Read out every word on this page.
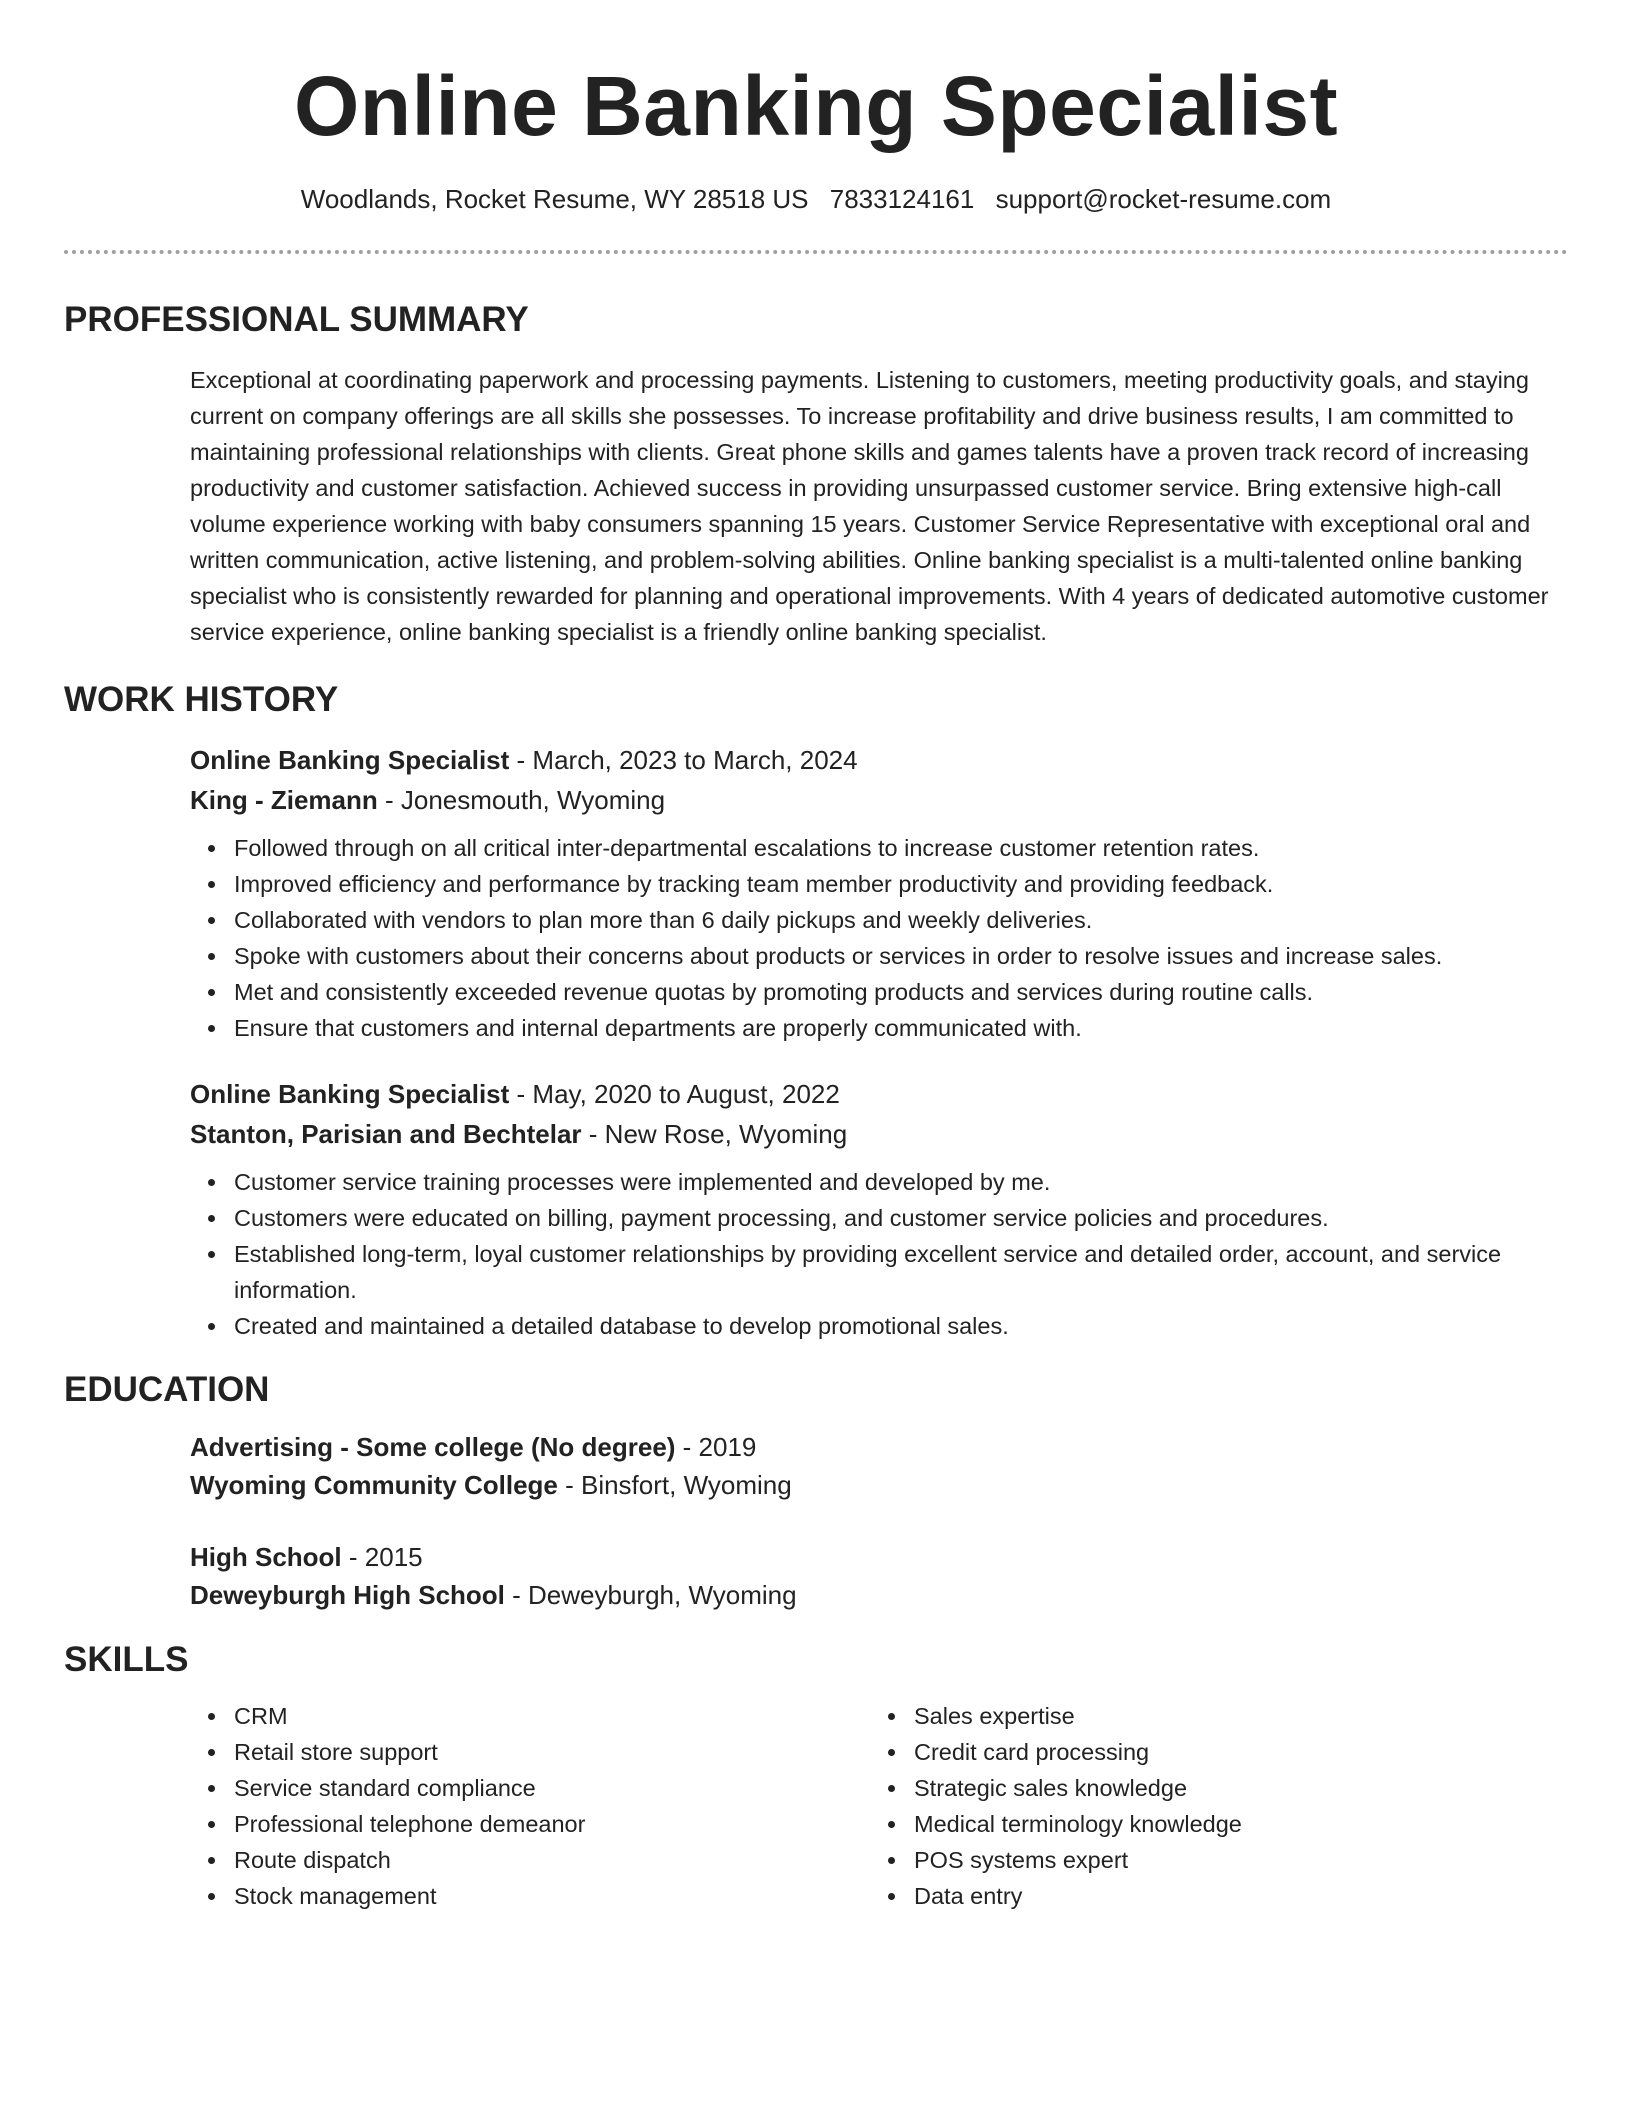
Online Banking Specialist
Woodlands, Rocket Resume, WY 28518 US 7833124161 support@rocket-resume.com
PROFESSIONAL SUMMARY

Exceptional at coordinating paperwork and processing payments. Listening to customers, meeting productivity goals, and staying current on company offerings are all skills she possesses. To increase profitability and drive business results, I am committed to maintaining professional relationships with clients. Great phone skills and games talents have a proven track record of increasing productivity and customer satisfaction. Achieved success in providing unsurpassed customer service. Bring extensive high-call volume experience working with baby consumers spanning 15 years. Customer Service Representative with exceptional oral and written communication, active listening, and problem-solving abilities. Online banking specialist is a multi-talented online banking specialist who is consistently rewarded for planning and operational improvements. With 4 years of dedicated automotive customer service experience, online banking specialist is a friendly online banking specialist.

WORK HISTORY
Online Banking Specialist - March, 2023 to March, 2024
King - Ziemann - Jonesmouth, Wyoming
Followed through on all critical inter-departmental escalations to increase customer retention rates.
Improved efficiency and performance by tracking team member productivity and providing feedback.
Collaborated with vendors to plan more than 6 daily pickups and weekly deliveries.
Spoke with customers about their concerns about products or services in order to resolve issues and increase sales.
Met and consistently exceeded revenue quotas by promoting products and services during routine calls.
Ensure that customers and internal departments are properly communicated with.
Online Banking Specialist - May, 2020 to August, 2022
Stanton, Parisian and Bechtelar - New Rose, Wyoming
Customer service training processes were implemented and developed by me.
Customers were educated on billing, payment processing, and customer service policies and procedures.
Established long-term, loyal customer relationships by providing excellent service and detailed order, account, and service information.
Created and maintained a detailed database to develop promotional sales.
EDUCATION
Advertising - Some college (No degree) - 2019
Wyoming Community College - Binsfort, Wyoming
High School - 2015
Deweyburgh High School - Deweyburgh, Wyoming
SKILLS
CRM
Retail store support
Service standard compliance
Professional telephone demeanor
Route dispatch
Stock management
Sales expertise
Credit card processing
Strategic sales knowledge
Medical terminology knowledge
POS systems expert
Data entry
